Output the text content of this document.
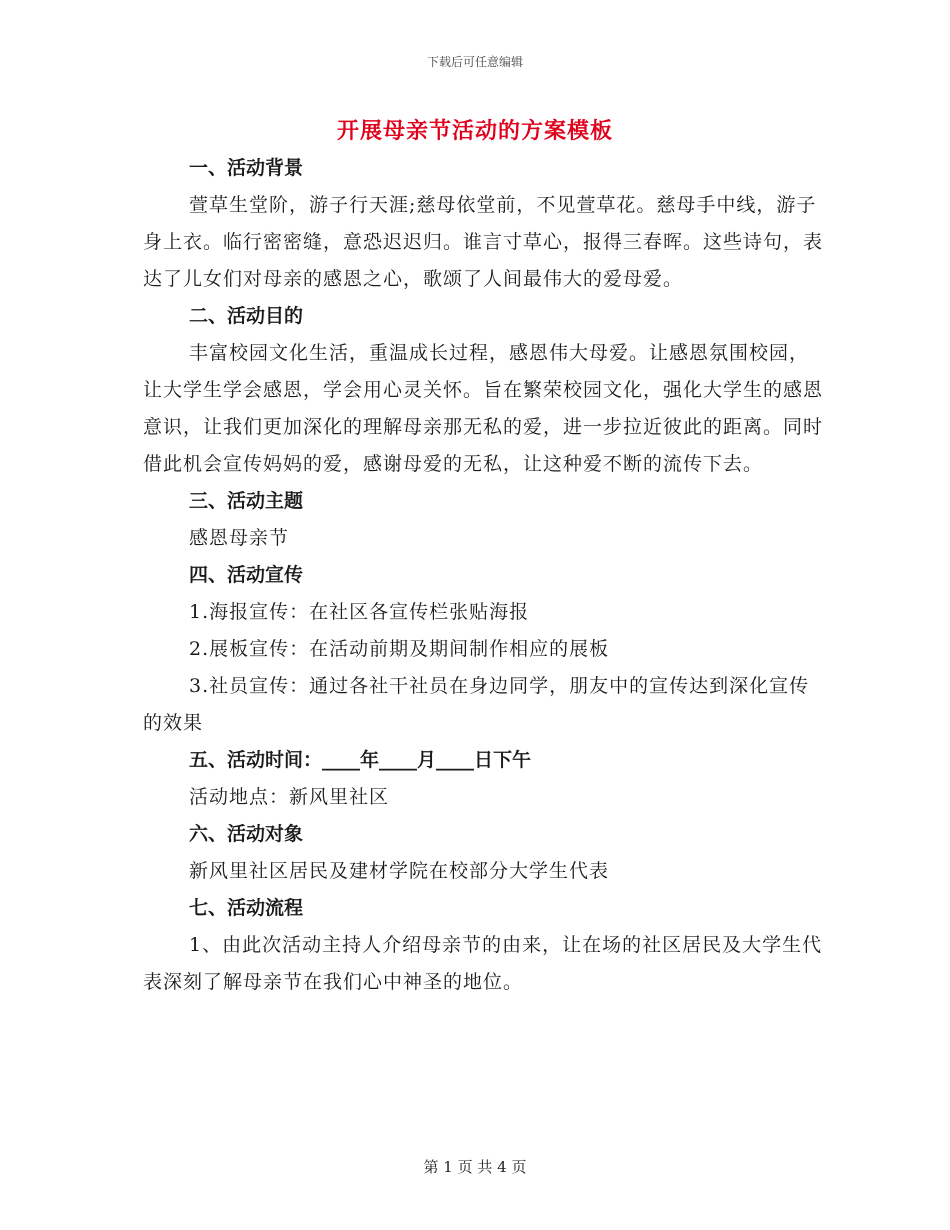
下载后可任意编辑
开展母亲节活动的方案模板

一、活动背景

萱草生堂阶，游子行天涯;慈母依堂前，不见萱草花。慈母手中线，游子身上衣。临行密密缝，意恐迟迟归。谁言寸草心，报得三春晖。这些诗句，表达了儿女们对母亲的感恩之心，歌颂了人间最伟大的爱母爱。

二、活动目的

丰富校园文化生活，重温成长过程，感恩伟大母爱。让感恩氛围校园，让大学生学会感恩，学会用心灵关怀。旨在繁荣校园文化，强化大学生的感恩意识，让我们更加深化的理解母亲那无私的爱，进一步拉近彼此的距离。同时借此机会宣传妈妈的爱，感谢母爱的无私，让这种爱不断的流传下去。

三、活动主题

感恩母亲节

四、活动宣传

1.海报宣传：在社区各宣传栏张贴海报

2.展板宣传：在活动前期及期间制作相应的展板

3.社员宣传：通过各社干社员在身边同学，朋友中的宣传达到深化宣传的效果

五、活动时间：____年____月____日下午

活动地点：新风里社区

六、活动对象

新风里社区居民及建材学院在校部分大学生代表

七、活动流程

1、由此次活动主持人介绍母亲节的由来，让在场的社区居民及大学生代表深刻了解母亲节在我们心中神圣的地位。

第 1 页 共 4 页
